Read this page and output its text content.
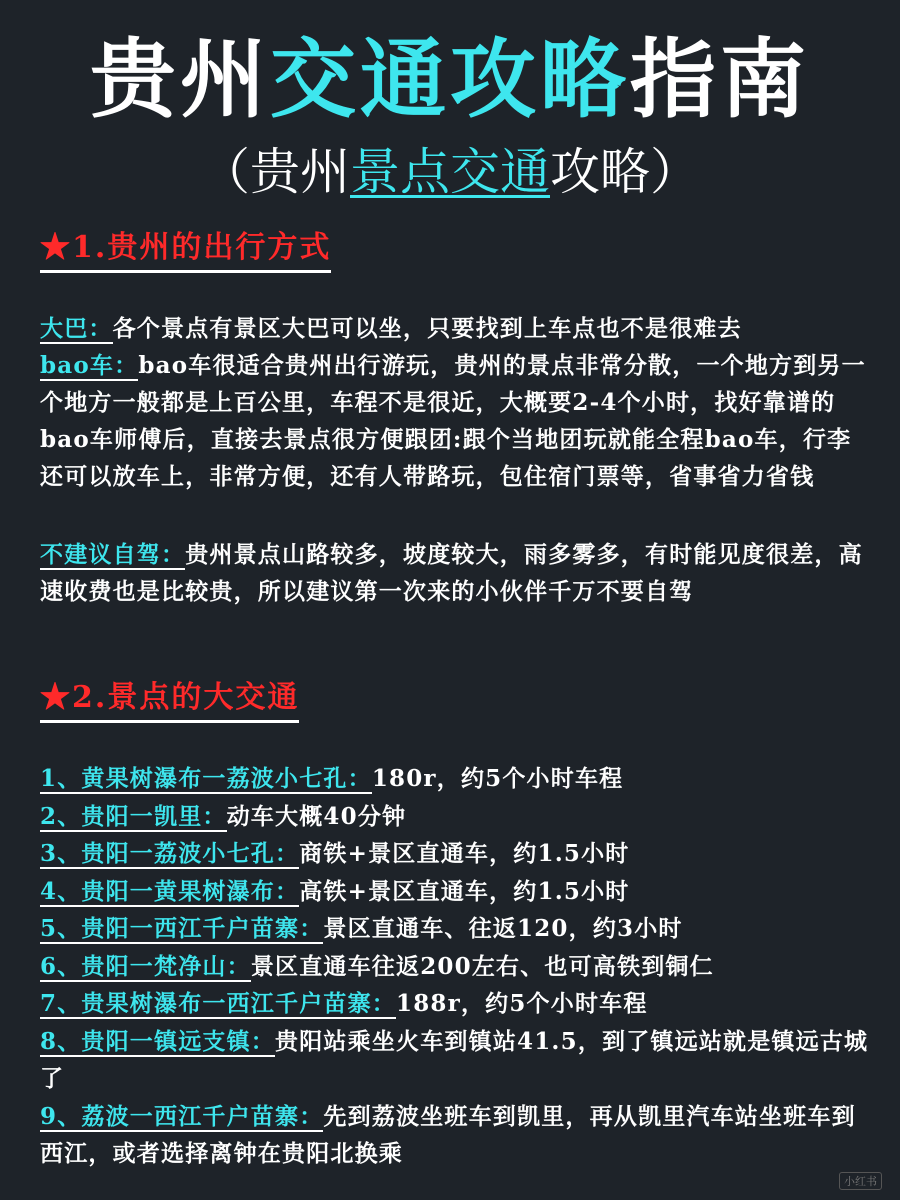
贵州交通攻略指南
（贵州景点交通攻略）
★1.贵州的出行方式
大巴：各个景点有景区大巴可以坐，只要找到上车点也不是很难去
bao车：bao车很适合贵州出行游玩，贵州的景点非常分散，一个地方到另一个地方一般都是上百公里，车程不是很近，大概要2-4个小时，找好靠谱的bao车师傅后，直接去景点很方便跟团:跟个当地团玩就能全程bao车，行李还可以放车上，非常方便，还有人带路玩，包住宿门票等，省事省力省钱
不建议自驾：贵州景点山路较多，坡度较大，雨多雾多，有时能见度很差，高速收费也是比较贵，所以建议第一次来的小伙伴千万不要自驾
★2.景点的大交通
1、黄果树瀑布一荔波小七孔：180r，约5个小时车程
2、贵阳一凯里：动车大概40分钟
3、贵阳一荔波小七孔：商铁+景区直通车，约1.5小时
4、贵阳一黄果树瀑布：高铁+景区直通车，约1.5小时
5、贵阳一西江千户苗寨：景区直通车、往返120，约3小时
6、贵阳一梵净山：景区直通车往返200左右、也可高铁到铜仁
7、贵果树瀑布一西江千户苗寨：188r，约5个小时车程
8、贵阳一镇远支镇：贵阳站乘坐火车到镇站41.5，到了镇远站就是镇远古城了
9、荔波一西江千户苗寨：先到荔波坐班车到凯里，再从凯里汽车站坐班车到西江，或者选择离钟在贵阳北换乘
小红书
